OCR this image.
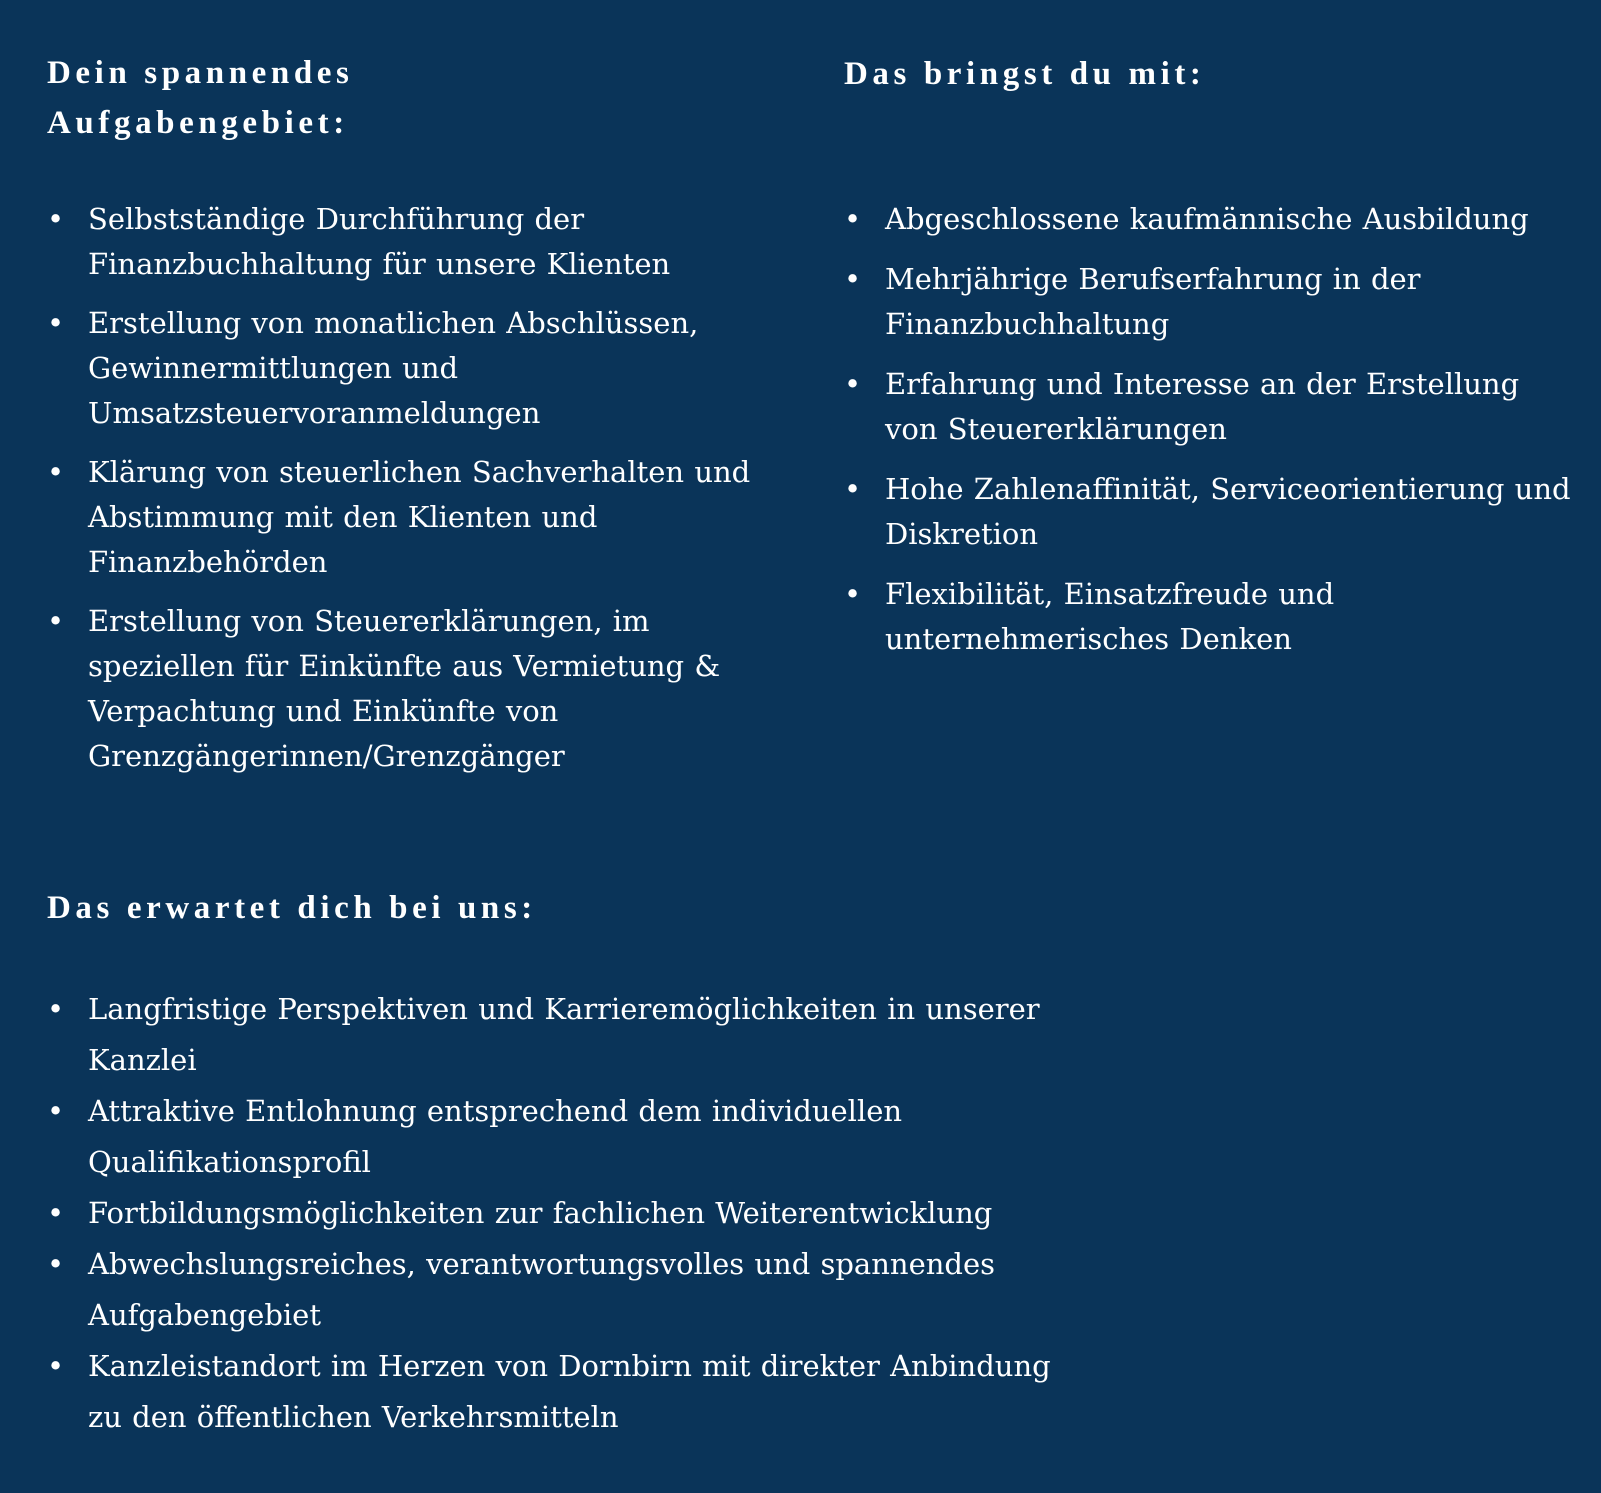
Dein spannendes
Aufgabengebiet:
Das bringst du mit:
• Selbstständige Durchführung der Finanzbuchhaltung für unsere Klienten
• Erstellung von monatlichen Abschlüssen, Gewinnermittlungen und Umsatzsteuervoranmeldungen
• Klärung von steuerlichen Sachverhalten und Abstimmung mit den Klienten und Finanzbehörden
• Erstellung von Steuererklärungen, im speziellen für Einkünfte aus Vermietung & Verpachtung und Einkünfte von Grenzgängerinnen/Grenzgänger
• Abgeschlossene kaufmännische Ausbildung
• Mehrjährige Berufserfahrung in der Finanzbuchhaltung
• Erfahrung und Interesse an der Erstellung von Steuererklärungen
• Hohe Zahlenaffinität, Serviceorientierung und Diskretion
• Flexibilität, Einsatzfreude und unternehmerisches Denken
Das erwartet dich bei uns:
• Langfristige Perspektiven und Karrieremöglichkeiten in unserer Kanzlei
• Attraktive Entlohnung entsprechend dem individuellen Qualifikationsprofil
• Fortbildungsmöglichkeiten zur fachlichen Weiterentwicklung
• Abwechslungsreiches, verantwortungsvolles und spannendes Aufgabengebiet
• Kanzleistandort im Herzen von Dornbirn mit direkter Anbindung zu den öffentlichen Verkehrsmitteln
